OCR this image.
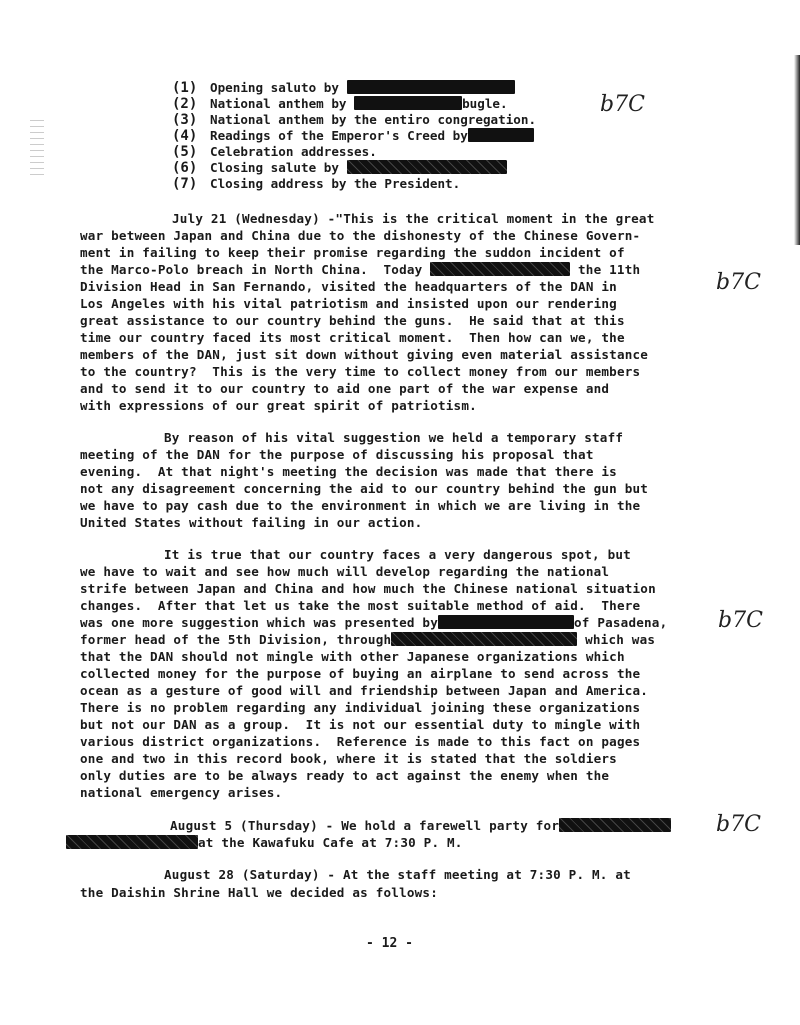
(1) Opening saluto by
(2) National anthem by	bugle.
(3) National anthem by the entiro congregation.
(4) Readings of the Emperor's Creed by
(5) Celebration addresses.
(6) Closing salute by
(7) Closing address by the President.
b7C
July 21 (Wednesday) -"This is the critical moment in the great
war between Japan and China due to the dishonesty of the Chinese Govern-
ment in failing to keep their promise regarding the suddon incident of
the Marco-Polo breach in North China.  Today	the 11th
Division Head in San Fernando, visited the headquarters of the DAN in
Los Angeles with his vital patriotism and insisted upon our rendering
great assistance to our country behind the guns.  He said that at this
time our country faced its most critical moment.  Then how can we, the
members of the DAN, just sit down without giving even material assistance
to the country?  This is the very time to collect money from our members
and to send it to our country to aid one part of the war expense and
with expressions of our great spirit of patriotism.
b7C
By reason of his vital suggestion we held a temporary staff
meeting of the DAN for the purpose of discussing his proposal that
evening.  At that night's meeting the decision was made that there is
not any disagreement concerning the aid to our country behind the gun but
we have to pay cash due to the environment in which we are living in the
United States without failing in our action.
It is true that our country faces a very dangerous spot, but
we have to wait and see how much will develop regarding the national
strife between Japan and China and how much the Chinese national situation
changes.  After that let us take the most suitable method of aid.  There
was one more suggestion which was presented by	of Pasadena,
former head of the 5th Division, through	which was
that the DAN should not mingle with other Japanese organizations which
collected money for the purpose of buying an airplane to send across the
ocean as a gesture of good will and friendship between Japan and America.
There is no problem regarding any individual joining these organizations
but not our DAN as a group.  It is not our essential duty to mingle with
various district organizations.  Reference is made to this fact on pages
one and two in this record book, where it is stated that the soldiers
only duties are to be always ready to act against the enemy when the
national emergency arises.
b7C
August 5 (Thursday) - We hold a farewell party for
at the Kawafuku Cafe at 7:30 P. M.
b7C
August 28 (Saturday) - At the staff meeting at 7:30 P. M. at
the Daishin Shrine Hall we decided as follows:
- 12 -
